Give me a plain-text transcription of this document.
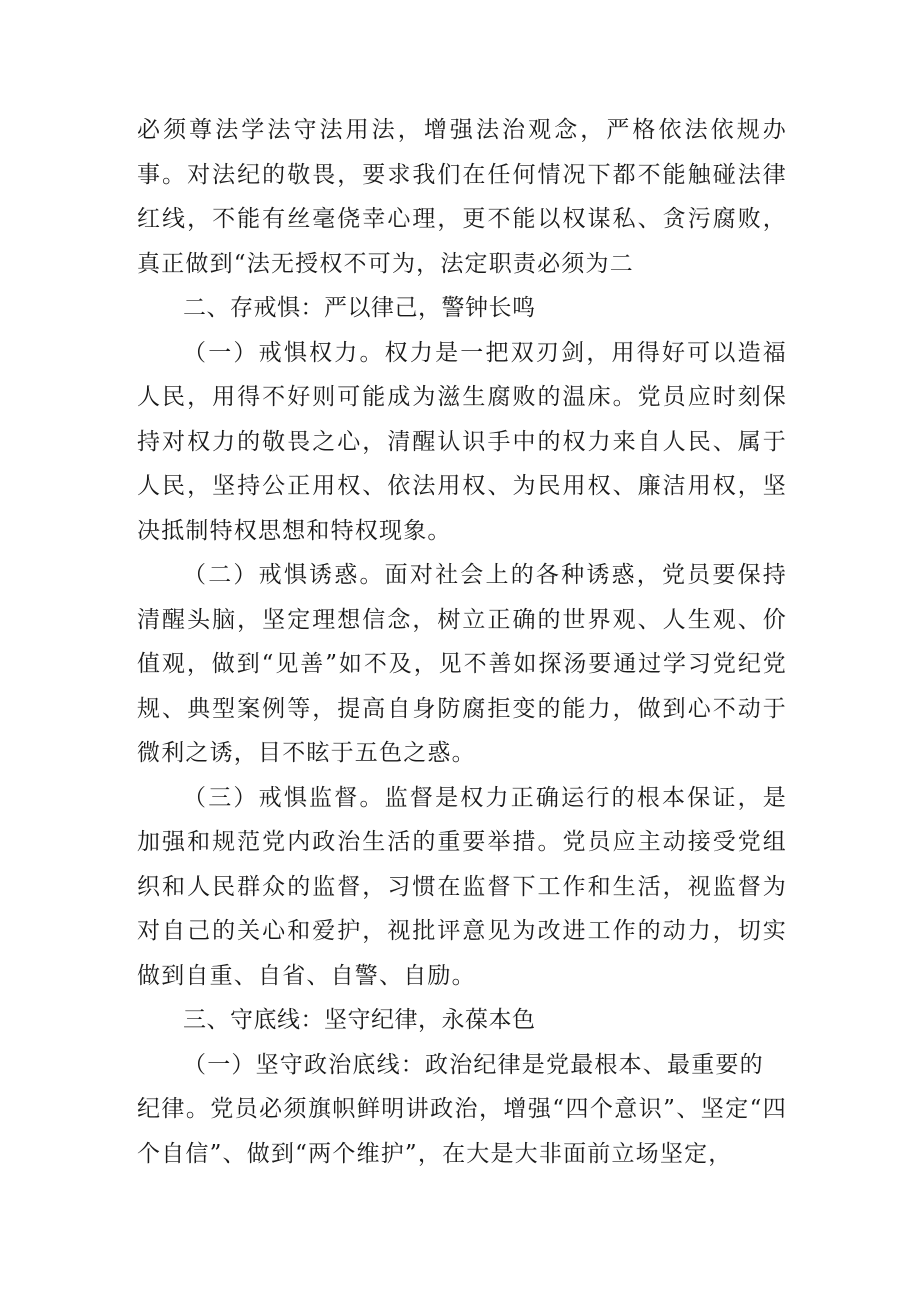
必须尊法学法守法用法，增强法治观念，严格依法依规办事。对法纪的敬畏，要求我们在任何情况下都不能触碰法律红线，不能有丝毫侥幸心理，更不能以权谋私、贪污腐败，真正做到“法无授权不可为，法定职责必须为二

二、存戒惧：严以律己，警钟长鸣

（一）戒惧权力。权力是一把双刃剑，用得好可以造福人民，用得不好则可能成为滋生腐败的温床。党员应时刻保持对权力的敬畏之心，清醒认识手中的权力来自人民、属于人民，坚持公正用权、依法用权、为民用权、廉洁用权，坚决抵制特权思想和特权现象。

（二）戒惧诱惑。面对社会上的各种诱惑，党员要保持清醒头脑，坚定理想信念，树立正确的世界观、人生观、价值观，做到“见善”如不及，见不善如探汤要通过学习党纪党规、典型案例等，提高自身防腐拒变的能力，做到心不动于微利之诱，目不眩于五色之惑。

（三）戒惧监督。监督是权力正确运行的根本保证，是加强和规范党内政治生活的重要举措。党员应主动接受党组织和人民群众的监督，习惯在监督下工作和生活，视监督为对自己的关心和爱护，视批评意见为改进工作的动力，切实做到自重、自省、自警、自励。

三、守底线：坚守纪律，永葆本色

（一）坚守政治底线：政治纪律是党最根本、最重要的

纪律。党员必须旗帜鲜明讲政治，增强“四个意识”、坚定“四个自信”、做到“两个维护”，在大是大非面前立场坚定，
